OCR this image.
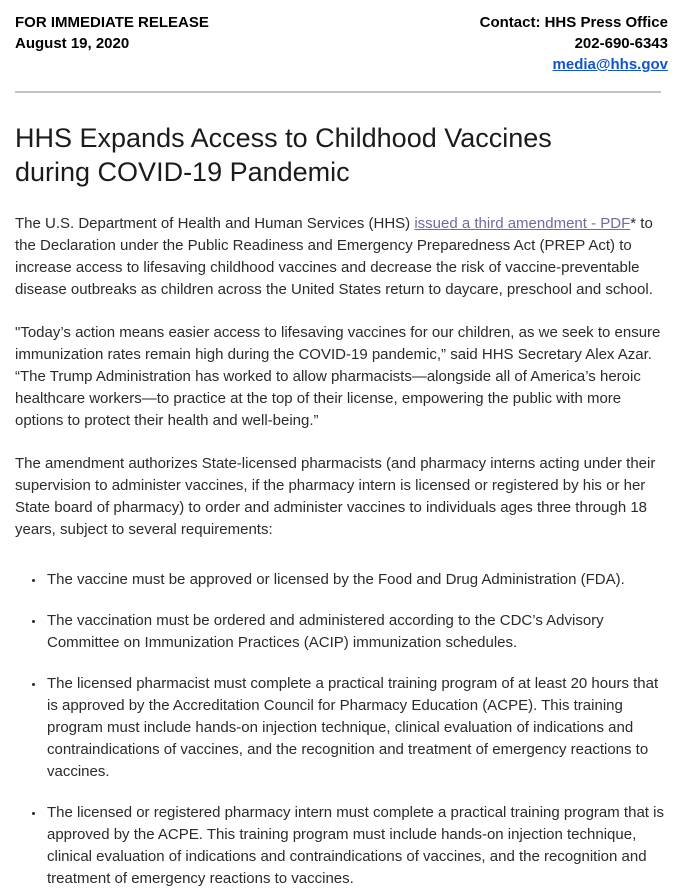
FOR IMMEDIATE RELEASE
August 19, 2020
Contact: HHS Press Office
202-690-6343
media@hhs.gov
HHS Expands Access to Childhood Vaccines during COVID-19 Pandemic

The U.S. Department of Health and Human Services (HHS) issued a third amendment - PDF* to the Declaration under the Public Readiness and Emergency Preparedness Act (PREP Act) to increase access to lifesaving childhood vaccines and decrease the risk of vaccine-preventable disease outbreaks as children across the United States return to daycare, preschool and school.

"Today’s action means easier access to lifesaving vaccines for our children, as we seek to ensure immunization rates remain high during the COVID-19 pandemic,” said HHS Secretary Alex Azar. “The Trump Administration has worked to allow pharmacists—alongside all of America’s heroic healthcare workers—to practice at the top of their license, empowering the public with more options to protect their health and well-being.”

The amendment authorizes State-licensed pharmacists (and pharmacy interns acting under their supervision to administer vaccines, if the pharmacy intern is licensed or registered by his or her State board of pharmacy) to order and administer vaccines to individuals ages three through 18 years, subject to several requirements:

• The vaccine must be approved or licensed by the Food and Drug Administration (FDA).
• The vaccination must be ordered and administered according to the CDC’s Advisory Committee on Immunization Practices (ACIP) immunization schedules.
• The licensed pharmacist must complete a practical training program of at least 20 hours that is approved by the Accreditation Council for Pharmacy Education (ACPE). This training program must include hands-on injection technique, clinical evaluation of indications and contraindications of vaccines, and the recognition and treatment of emergency reactions to vaccines.
• The licensed or registered pharmacy intern must complete a practical training program that is approved by the ACPE. This training program must include hands-on injection technique, clinical evaluation of indications and contraindications of vaccines, and the recognition and treatment of emergency reactions to vaccines.
